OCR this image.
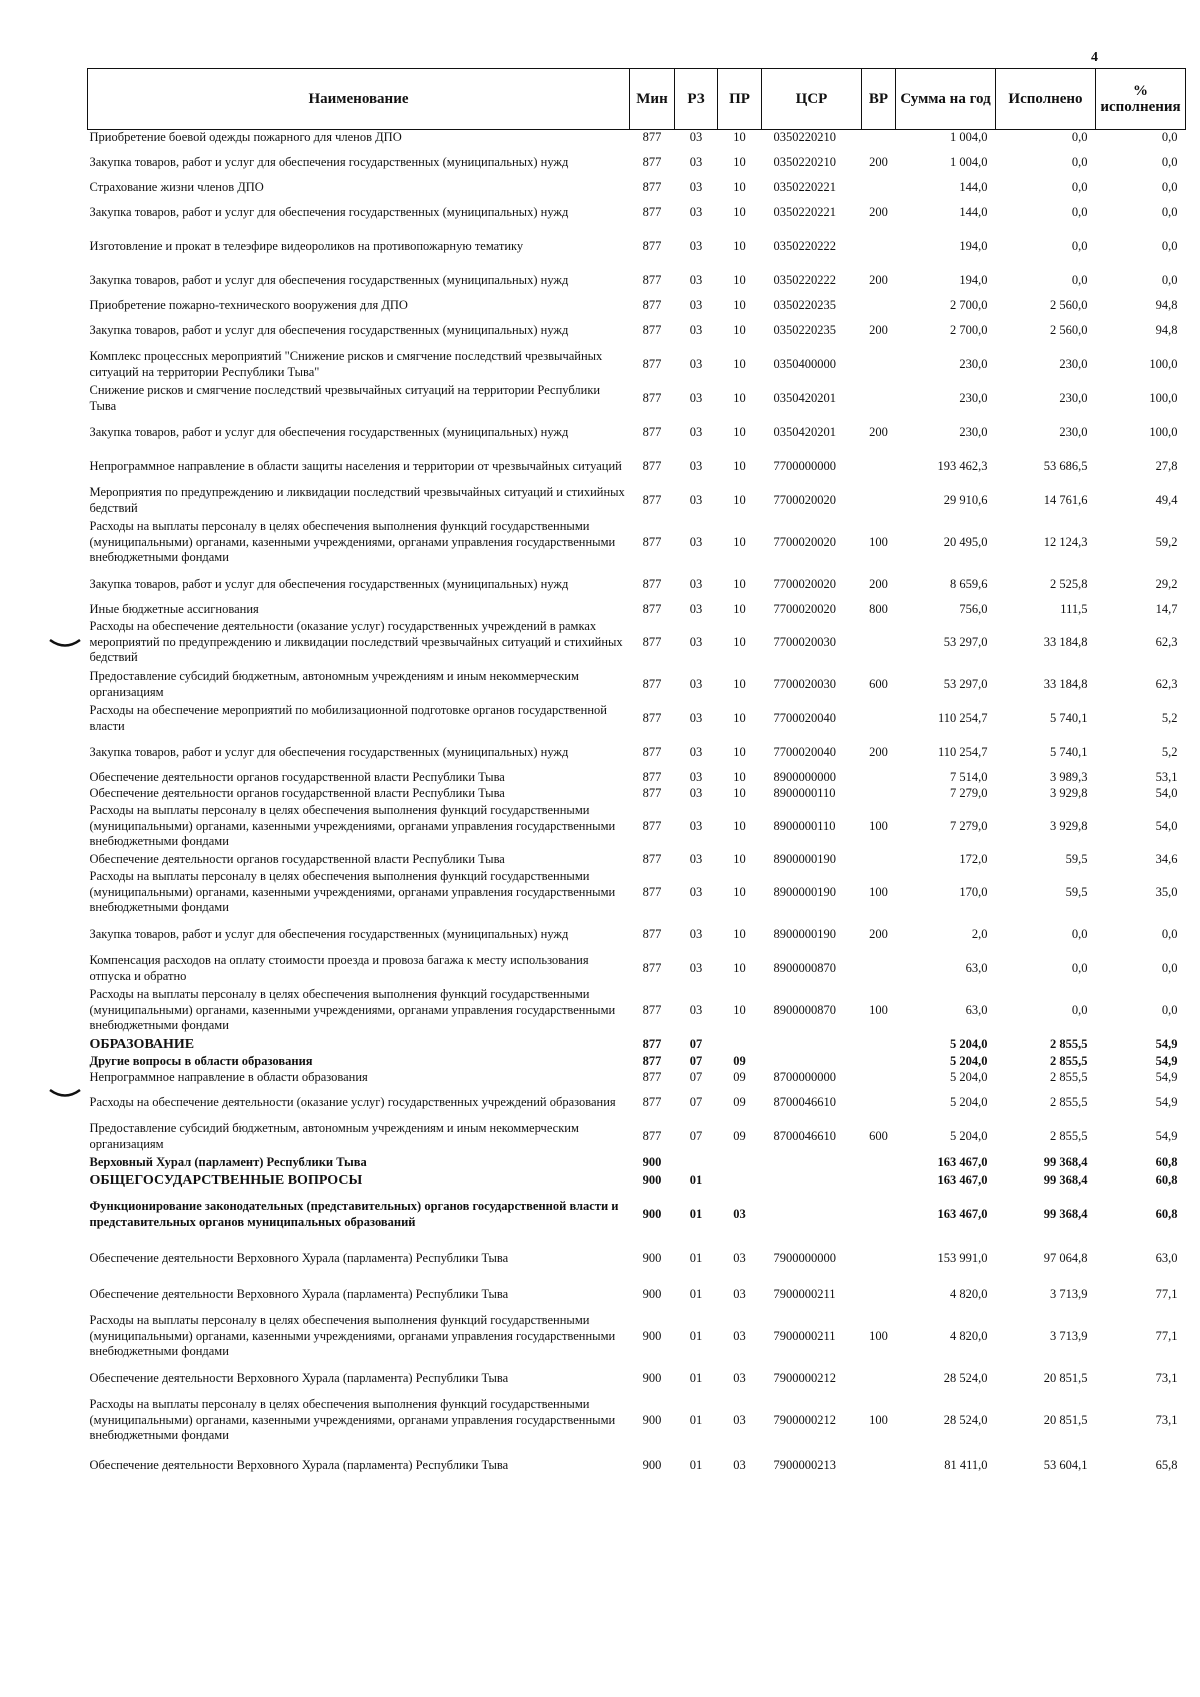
4
Наименование	Мин	РЗ	ПР	ЦСР	ВР	Сумма на год	Исполнено	% исполнения
Приобретение боевой одежды пожарного для членов ДПО	877	03	10	0350220210		1 004,0	0,0	0,0
Закупка товаров, работ и услуг для обеспечения государственных (муниципальных) нужд	877	03	10	0350220210	200	1 004,0	0,0	0,0
Страхование жизни членов ДПО	877	03	10	0350220221		144,0	0,0	0,0
Закупка товаров, работ и услуг для обеспечения государственных (муниципальных) нужд	877	03	10	0350220221	200	144,0	0,0	0,0
Изготовление и прокат в телеэфире видеороликов на противопожарную тематику	877	03	10	0350220222		194,0	0,0	0,0
Закупка товаров, работ и услуг для обеспечения государственных (муниципальных) нужд	877	03	10	0350220222	200	194,0	0,0	0,0
Приобретение пожарно-технического вооружения для ДПО	877	03	10	0350220235		2 700,0	2 560,0	94,8
Закупка товаров, работ и услуг для обеспечения государственных (муниципальных) нужд	877	03	10	0350220235	200	2 700,0	2 560,0	94,8
Комплекс процессных мероприятий "Снижение рисков и смягчение последствий чрезвычайных ситуаций на территории Республики Тыва"	877	03	10	0350400000		230,0	230,0	100,0
Снижение рисков и смягчение последствий чрезвычайных ситуаций на территории Республики Тыва	877	03	10	0350420201		230,0	230,0	100,0
Закупка товаров, работ и услуг для обеспечения государственных (муниципальных) нужд	877	03	10	0350420201	200	230,0	230,0	100,0
Непрограммное направление в области защиты населения и территории от чрезвычайных ситуаций	877	03	10	7700000000		193 462,3	53 686,5	27,8
Мероприятия по предупреждению и ликвидации последствий чрезвычайных ситуаций и стихийных бедствий	877	03	10	7700020020		29 910,6	14 761,6	49,4
Расходы на выплаты персоналу в целях обеспечения выполнения функций государственными (муниципальными) органами, казенными учреждениями, органами управления государственными внебюджетными фондами	877	03	10	7700020020	100	20 495,0	12 124,3	59,2
Закупка товаров, работ и услуг для обеспечения государственных (муниципальных) нужд	877	03	10	7700020020	200	8 659,6	2 525,8	29,2
Иные бюджетные ассигнования	877	03	10	7700020020	800	756,0	111,5	14,7
Расходы на обеспечение деятельности (оказание услуг) государственных учреждений в рамках мероприятий по предупреждению и ликвидации последствий чрезвычайных ситуаций и стихийных бедствий	877	03	10	7700020030		53 297,0	33 184,8	62,3
Предоставление субсидий бюджетным, автономным учреждениям и иным некоммерческим организациям	877	03	10	7700020030	600	53 297,0	33 184,8	62,3
Расходы на обеспечение мероприятий по мобилизационной подготовке органов государственной власти	877	03	10	7700020040		110 254,7	5 740,1	5,2
Закупка товаров, работ и услуг для обеспечения государственных (муниципальных) нужд	877	03	10	7700020040	200	110 254,7	5 740,1	5,2
Обеспечение деятельности органов государственной власти Республики Тыва	877	03	10	8900000000		7 514,0	3 989,3	53,1
Обеспечение деятельности органов государственной власти Республики Тыва	877	03	10	8900000110		7 279,0	3 929,8	54,0
Расходы на выплаты персоналу в целях обеспечения выполнения функций государственными (муниципальными) органами, казенными учреждениями, органами управления государственными внебюджетными фондами	877	03	10	8900000110	100	7 279,0	3 929,8	54,0
Обеспечение деятельности органов государственной власти Республики Тыва	877	03	10	8900000190		172,0	59,5	34,6
Расходы на выплаты персоналу в целях обеспечения выполнения функций государственными (муниципальными) органами, казенными учреждениями, органами управления государственными внебюджетными фондами	877	03	10	8900000190	100	170,0	59,5	35,0
Закупка товаров, работ и услуг для обеспечения государственных (муниципальных) нужд	877	03	10	8900000190	200	2,0	0,0	0,0
Компенсация расходов на оплату стоимости проезда и провоза багажа к месту использования отпуска и обратно	877	03	10	8900000870		63,0	0,0	0,0
Расходы на выплаты персоналу в целях обеспечения выполнения функций государственными (муниципальными) органами, казенными учреждениями, органами управления государственными внебюджетными фондами	877	03	10	8900000870	100	63,0	0,0	0,0
ОБРАЗОВАНИЕ	877	07				5 204,0	2 855,5	54,9
Другие вопросы в области образования	877	07	09			5 204,0	2 855,5	54,9
Непрограммное направление в области образования	877	07	09	8700000000		5 204,0	2 855,5	54,9
Расходы на обеспечение деятельности (оказание услуг) государственных учреждений образования	877	07	09	8700046610		5 204,0	2 855,5	54,9
Предоставление субсидий бюджетным, автономным учреждениям и иным некоммерческим организациям	877	07	09	8700046610	600	5 204,0	2 855,5	54,9
Верховный Хурал (парламент) Республики Тыва	900					163 467,0	99 368,4	60,8
ОБЩЕГОСУДАРСТВЕННЫЕ ВОПРОСЫ	900	01				163 467,0	99 368,4	60,8
Функционирование законодательных (представительных) органов государственной власти и представительных органов муниципальных образований	900	01	03			163 467,0	99 368,4	60,8
Обеспечение деятельности Верховного Хурала (парламента) Республики Тыва	900	01	03	7900000000		153 991,0	97 064,8	63,0
Обеспечение деятельности Верховного Хурала (парламента) Республики Тыва	900	01	03	7900000211		4 820,0	3 713,9	77,1
Расходы на выплаты персоналу в целях обеспечения выполнения функций государственными (муниципальными) органами, казенными учреждениями, органами управления государственными внебюджетными фондами	900	01	03	7900000211	100	4 820,0	3 713,9	77,1
Обеспечение деятельности Верховного Хурала (парламента) Республики Тыва	900	01	03	7900000212		28 524,0	20 851,5	73,1
Расходы на выплаты персоналу в целях обеспечения выполнения функций государственными (муниципальными) органами, казенными учреждениями, органами управления государственными внебюджетными фондами	900	01	03	7900000212	100	28 524,0	20 851,5	73,1
Обеспечение деятельности Верховного Хурала (парламента) Республики Тыва	900	01	03	7900000213		81 411,0	53 604,1	65,8
